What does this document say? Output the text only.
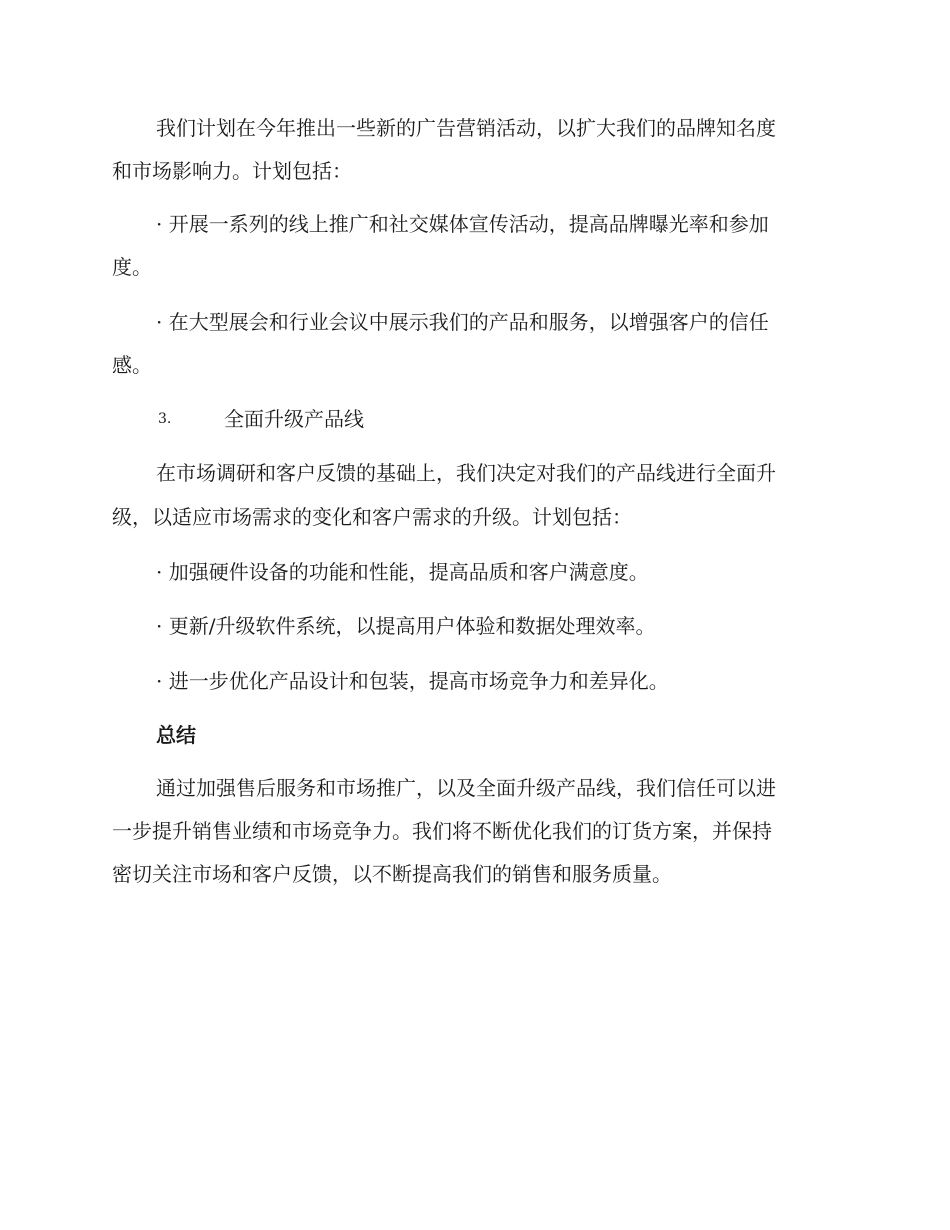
我们计划在今年推出一些新的广告营销活动，以扩大我们的品牌知名度
和市场影响力。计划包括：
· 开展一系列的线上推广和社交媒体宣传活动，提高品牌曝光率和参加
度。
· 在大型展会和行业会议中展示我们的产品和服务，以增强客户的信任
感。
3.	全面升级产品线
在市场调研和客户反馈的基础上，我们决定对我们的产品线进行全面升
级，以适应市场需求的变化和客户需求的升级。计划包括：
· 加强硬件设备的功能和性能，提高品质和客户满意度。
· 更新/升级软件系统，以提高用户体验和数据处理效率。
· 进一步优化产品设计和包装，提高市场竞争力和差异化。
总结
通过加强售后服务和市场推广，以及全面升级产品线，我们信任可以进
一步提升销售业绩和市场竞争力。我们将不断优化我们的订货方案，并保持
密切关注市场和客户反馈，以不断提高我们的销售和服务质量。
